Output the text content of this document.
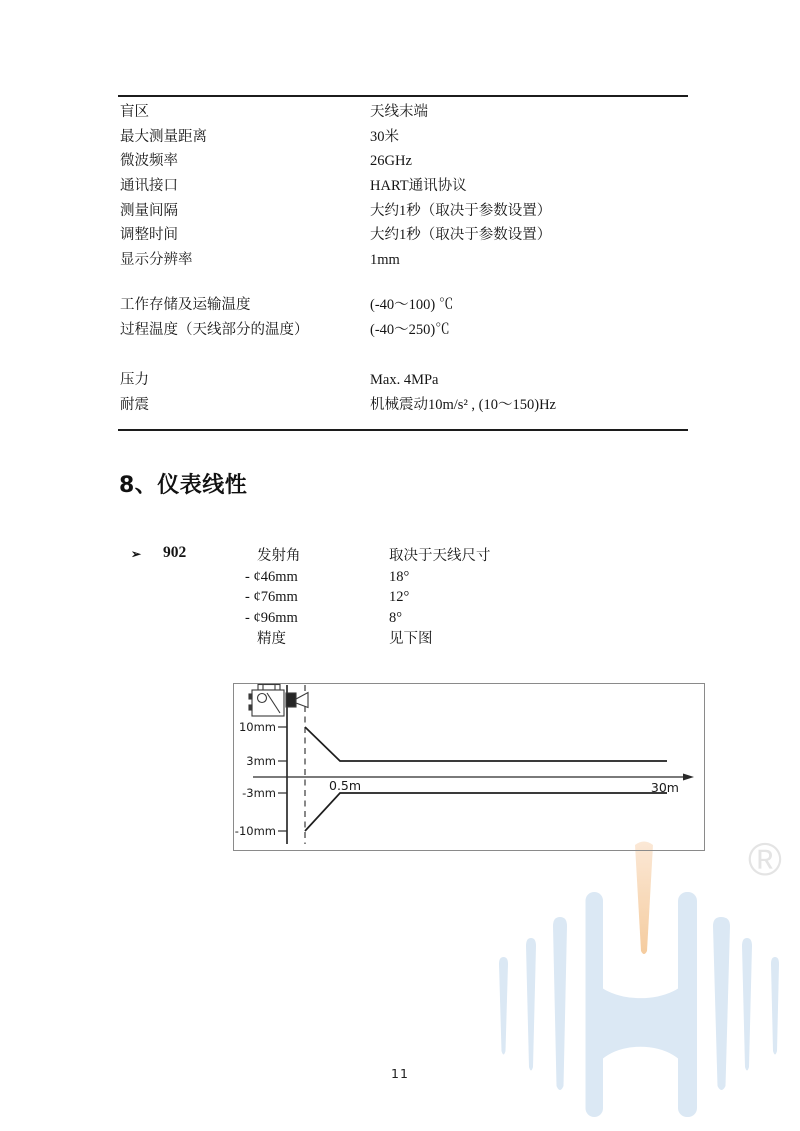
®
盲区	天线末端
最大测量距离	30米
微波频率	26GHz
通讯接口	HART通讯协议
测量间隔	大约1秒（取决于参数设置）
调整时间	大约1秒（取决于参数设置）
显示分辨率	1mm
工作存储及运输温度	(-40～100) ℃
过程温度（天线部分的温度）	(-40～250)℃
压力	Max. 4MPa
耐震	机械震动10m/s² , (10～150)Hz
8、仪表线性
➢ 902	发射角	取决于天线尺寸
- ¢46mm	18°
- ¢76mm	12°
- ¢96mm	8°
精度	见下图
10mm
3mm
-3mm
-10mm
0.5m	30m
11
